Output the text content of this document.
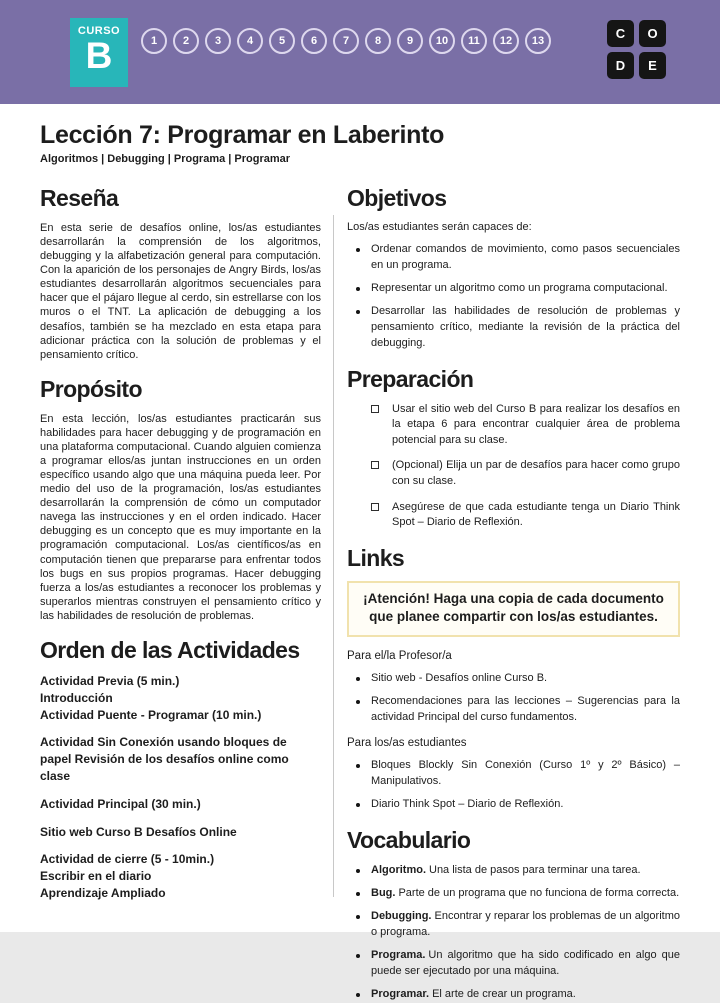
CURSO
B	1	2	3	4	5	6	7	8	9	10	11	12	13	C	O
D	E
Lección 7: Programar en Laberinto
Algoritmos | Debugging | Programa | Programar
Reseña

En esta serie de desafíos online, los/as estudiantes desarrollarán la comprensión de los algoritmos, debugging y la alfabetización general para computación. Con la aparición de los personajes de Angry Birds, los/as estudiantes desarrollarán algoritmos secuenciales para hacer que el pájaro llegue al cerdo, sin estrellarse con los muros o el TNT. La aplicación de debugging a los desafíos, también se ha mezclado en esta etapa para adicionar práctica con la solución de problemas y el pensamiento crítico.

Propósito

En esta lección, los/as estudiantes practicarán sus habilidades para hacer debugging y de programación en una plataforma computacional. Cuando alguien comienza a programar ellos/as juntan instrucciones en un orden específico usando algo que una máquina pueda leer. Por medio del uso de la programación, los/as estudiantes desarrollarán la comprensión de cómo un computador navega las instrucciones y en el orden indicado. Hacer debugging es un concepto que es muy importante en la programación computacional. Los/as científicos/as en computación tienen que prepararse para enfrentar todos los bugs en sus propios programas. Hacer debugging fuerza a los/as estudiantes a reconocer los problemas y superarlos mientras construyen el pensamiento crítico y las habilidades de resolución de problemas.

Orden de las Actividades
Actividad Previa (5 min.)
Introducción
Actividad Puente - Programar (10 min.)
Actividad Sin Conexión usando bloques de papel Revisión de los desafíos online como clase
Actividad Principal (30 min.)
Sitio web Curso B Desafíos Online
Actividad de cierre (5 - 10min.)
Escribir en el diario
Aprendizaje Ampliado
Objetivos

Los/as estudiantes serán capaces de:

Ordenar comandos de movimiento, como pasos secuenciales en un programa.
Representar un algoritmo como un programa computacional.
Desarrollar las habilidades de resolución de problemas y pensamiento crítico, mediante la revisión de la práctica del debugging.
Preparación
Usar el sitio web del Curso B para realizar los desafíos en la etapa 6 para encontrar cualquier área de problema potencial para su clase.
(Opcional) Elija un par de desafíos para hacer como grupo con su clase.
Asegúrese de que cada estudiante tenga un Diario Think Spot – Diario de Reflexión.
Links
¡Atención! Haga una copia de cada documento que planee compartir con los/as estudiantes.
Para el/la Profesor/a
Sitio web - Desafíos online Curso B.
Recomendaciones para las lecciones – Sugerencias para la actividad Principal del curso fundamentos.
Para los/as estudiantes
Bloques Blockly Sin Conexión (Curso 1º y 2º Básico) – Manipulativos.
Diario Think Spot – Diario de Reflexión.
Vocabulario
Algoritmo. Una lista de pasos para terminar una tarea.
Bug. Parte de un programa que no funciona de forma correcta.
Debugging. Encontrar y reparar los problemas de un algoritmo o programa.
Programa. Un algoritmo que ha sido codificado en algo que puede ser ejecutado por una máquina.
Programar. El arte de crear un programa.
